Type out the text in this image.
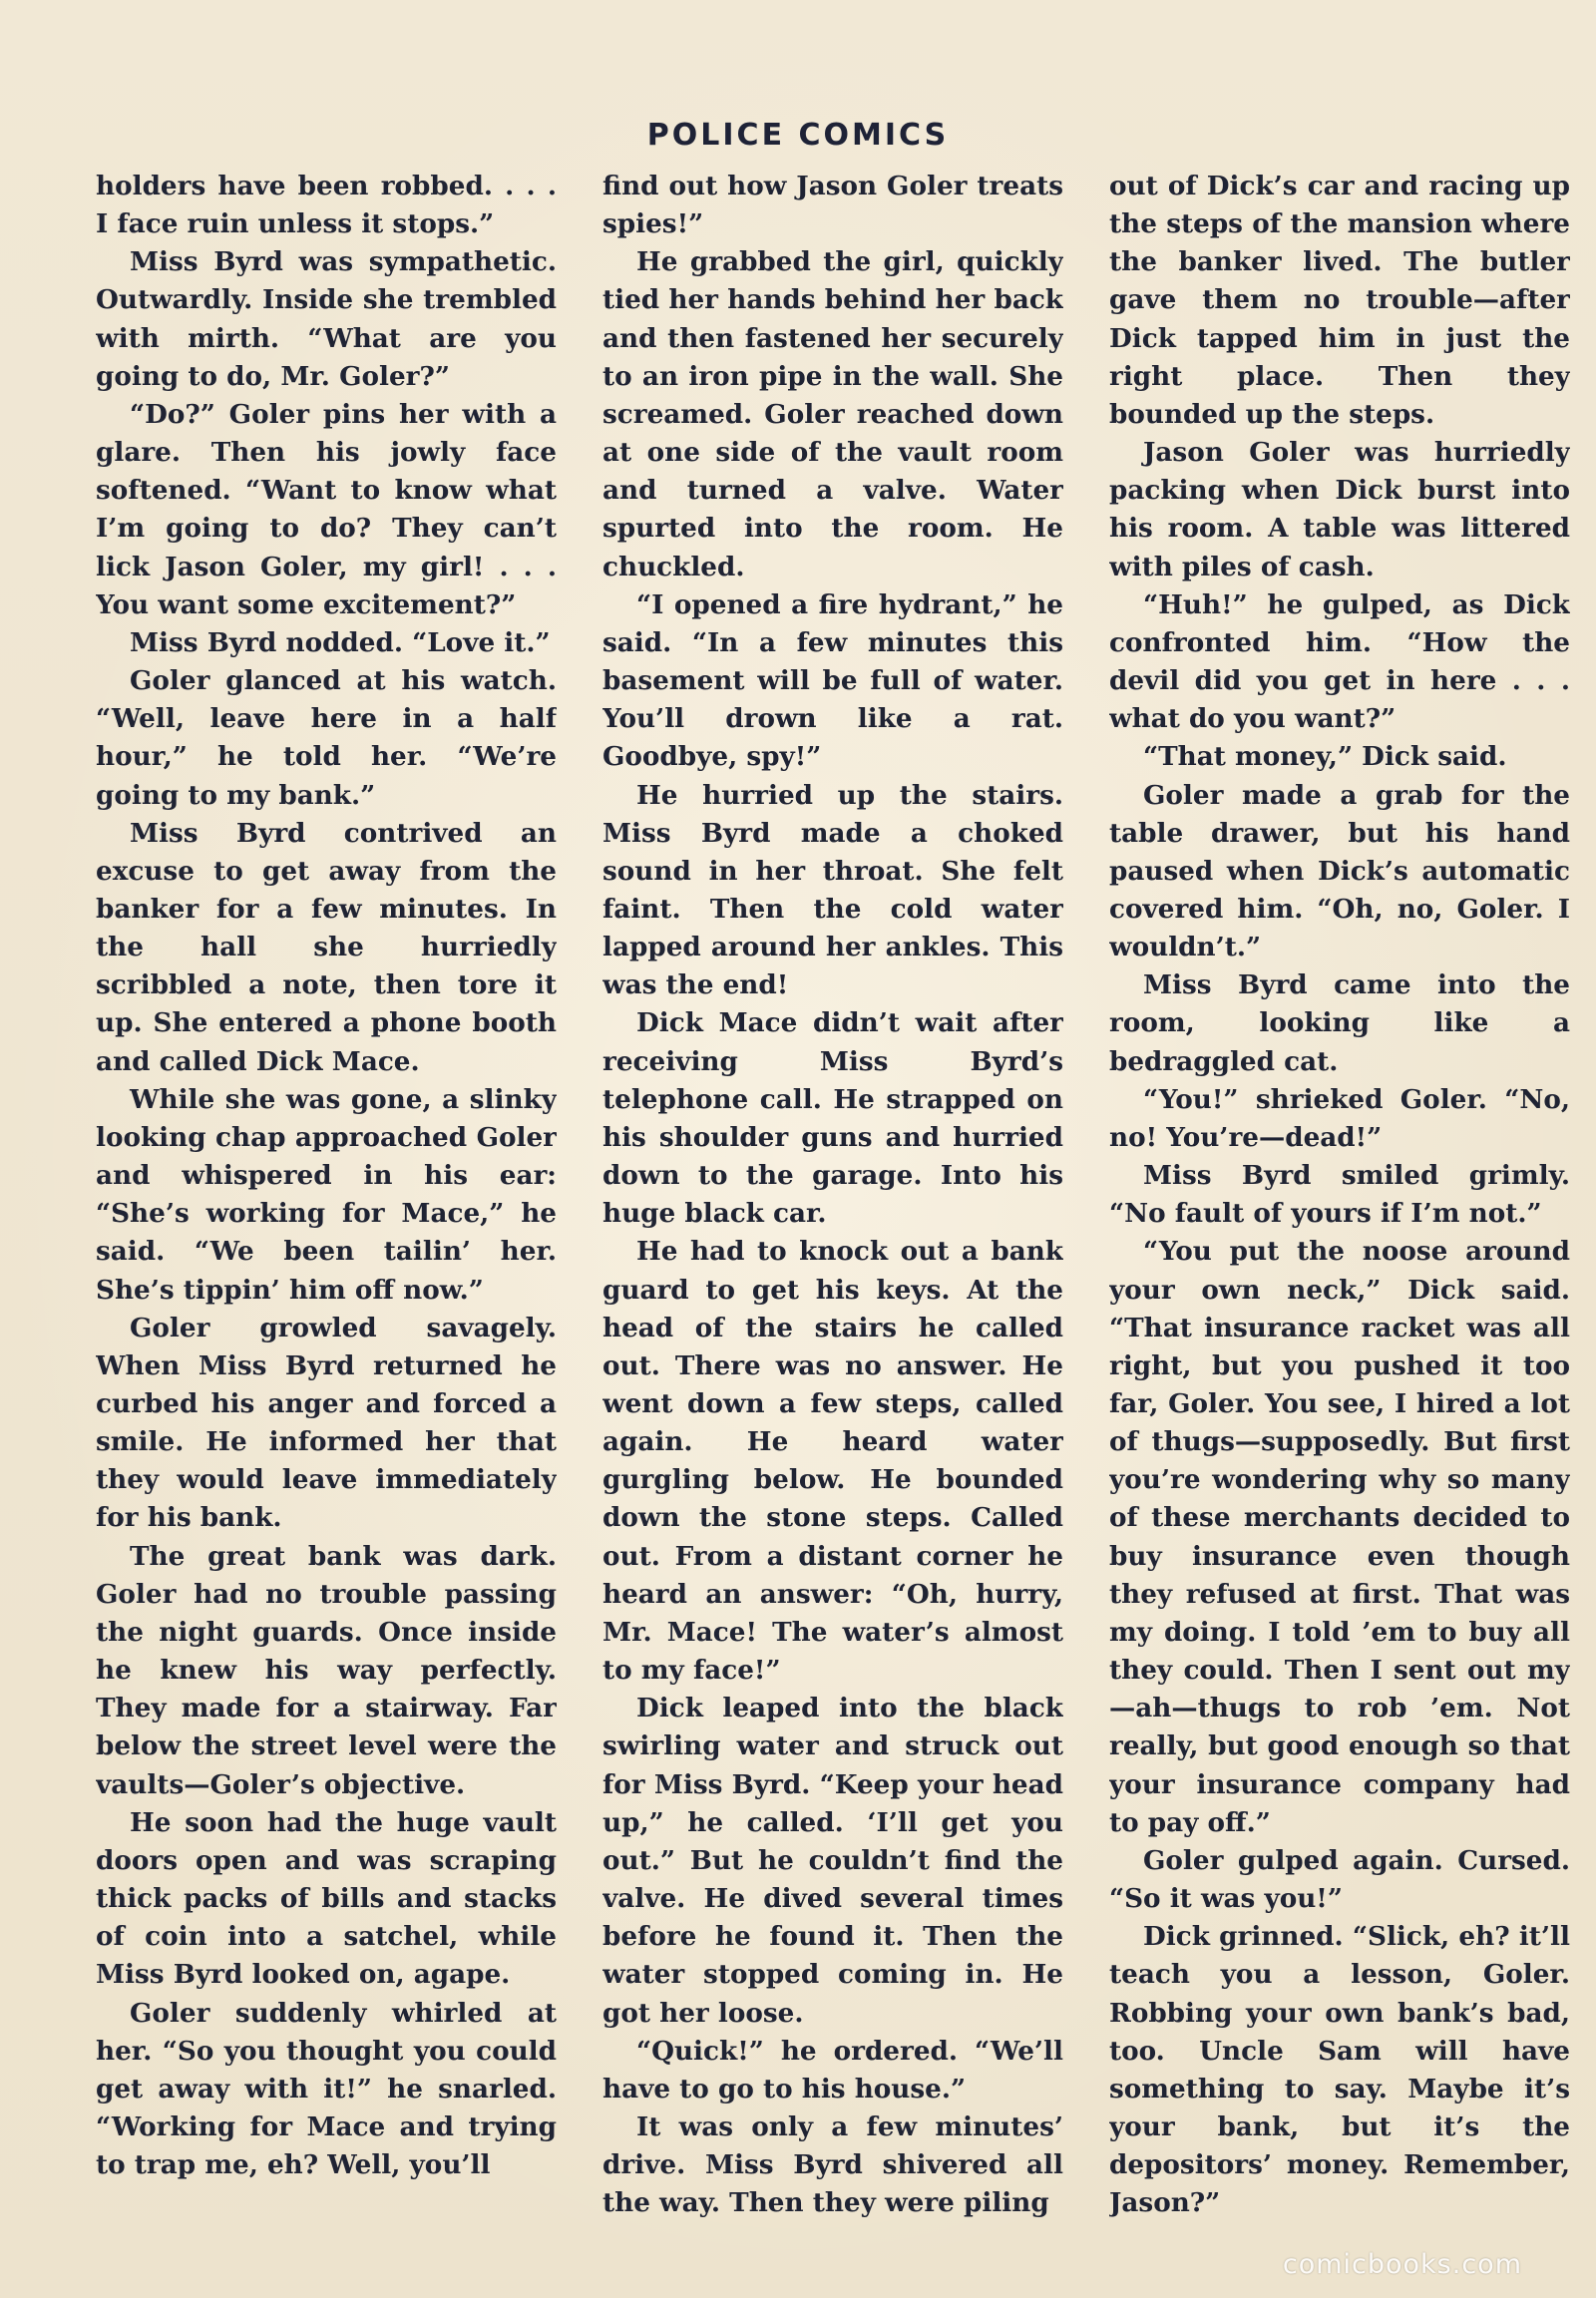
POLICE COMICS

holders have been robbed. . . . I face ruin unless it stops.”

Miss Byrd was sympathetic. Outwardly. Inside she trembled with mirth. “What are you going to do, Mr. Goler?”

“Do?” Goler pins her with a glare. Then his jowly face softened. “Want to know what I’m going to do? They can’t lick Jason Goler, my girl! . . . You want some excitement?”

Miss Byrd nodded. “Love it.”

Goler glanced at his watch. “Well, leave here in a half hour,” he told her. “We’re going to my bank.”

Miss Byrd contrived an excuse to get away from the banker for a few minutes. In the hall she hurriedly scribbled a note, then tore it up. She entered a phone booth and called Dick Mace.

While she was gone, a slinky looking chap approached Goler and whispered in his ear: “She’s working for Mace,” he said. “We been tailin’ her. She’s tippin’ him off now.”

Goler growled savagely. When Miss Byrd returned he curbed his anger and forced a smile. He informed her that they would leave immediately for his bank.

The great bank was dark. Goler had no trouble passing the night guards. Once inside he knew his way perfectly. They made for a stairway. Far below the street level were the vaults—Goler’s objective.

He soon had the huge vault doors open and was scraping thick packs of bills and stacks of coin into a satchel, while Miss Byrd looked on, agape.

Goler suddenly whirled at her. “So you thought you could get away with it!” he snarled. “Working for Mace and trying to trap me, eh? Well, you’ll

find out how Jason Goler treats spies!”

He grabbed the girl, quickly tied her hands behind her back and then fastened her securely to an iron pipe in the wall. She screamed. Goler reached down at one side of the vault room and turned a valve. Water spurted into the room. He chuckled.

“I opened a fire hydrant,” he said. “In a few minutes this basement will be full of water. You’ll drown like a rat. Goodbye, spy!”

He hurried up the stairs. Miss Byrd made a choked sound in her throat. She felt faint. Then the cold water lapped around her ankles. This was the end!

Dick Mace didn’t wait after receiving Miss Byrd’s telephone call. He strapped on his shoulder guns and hurried down to the garage. Into his huge black car.

He had to knock out a bank guard to get his keys. At the head of the stairs he called out. There was no answer. He went down a few steps, called again. He heard water gurgling below. He bounded down the stone steps. Called out. From a distant corner he heard an answer: “Oh, hurry, Mr. Mace! The water’s almost to my face!”

Dick leaped into the black swirling water and struck out for Miss Byrd. “Keep your head up,” he called. ‘I’ll get you out.” But he couldn’t find the valve. He dived several times before he found it. Then the water stopped coming in. He got her loose.

“Quick!” he ordered. “We’ll have to go to his house.”

It was only a few minutes’ drive. Miss Byrd shivered all the way. Then they were piling

out of Dick’s car and racing up the steps of the mansion where the banker lived. The butler gave them no trouble—after Dick tapped him in just the right place. Then they bounded up the steps.

Jason Goler was hurriedly packing when Dick burst into his room. A table was littered with piles of cash.

“Huh!” he gulped, as Dick confronted him. “How the devil did you get in here . . . what do you want?”

“That money,” Dick said.

Goler made a grab for the table drawer, but his hand paused when Dick’s automatic covered him. “Oh, no, Goler. I wouldn’t.”

Miss Byrd came into the room, looking like a bedraggled cat.

“You!” shrieked Goler. “No, no! You’re—dead!”

Miss Byrd smiled grimly. “No fault of yours if I’m not.”

“You put the noose around your own neck,” Dick said. “That insurance racket was all right, but you pushed it too far, Goler. You see, I hired a lot of thugs—supposedly. But first you’re wondering why so many of these merchants decided to buy insurance even though they refused at first. That was my doing. I told ’em to buy all they could. Then I sent out my—ah—thugs to rob ’em. Not really, but good enough so that your insurance company had to pay off.”

Goler gulped again. Cursed. “So it was you!”

Dick grinned. “Slick, eh? it’ll teach you a lesson, Goler. Robbing your own bank’s bad, too. Uncle Sam will have something to say. Maybe it’s your bank, but it’s the depositors’ money. Remember, Jason?”

comicbooks.com
